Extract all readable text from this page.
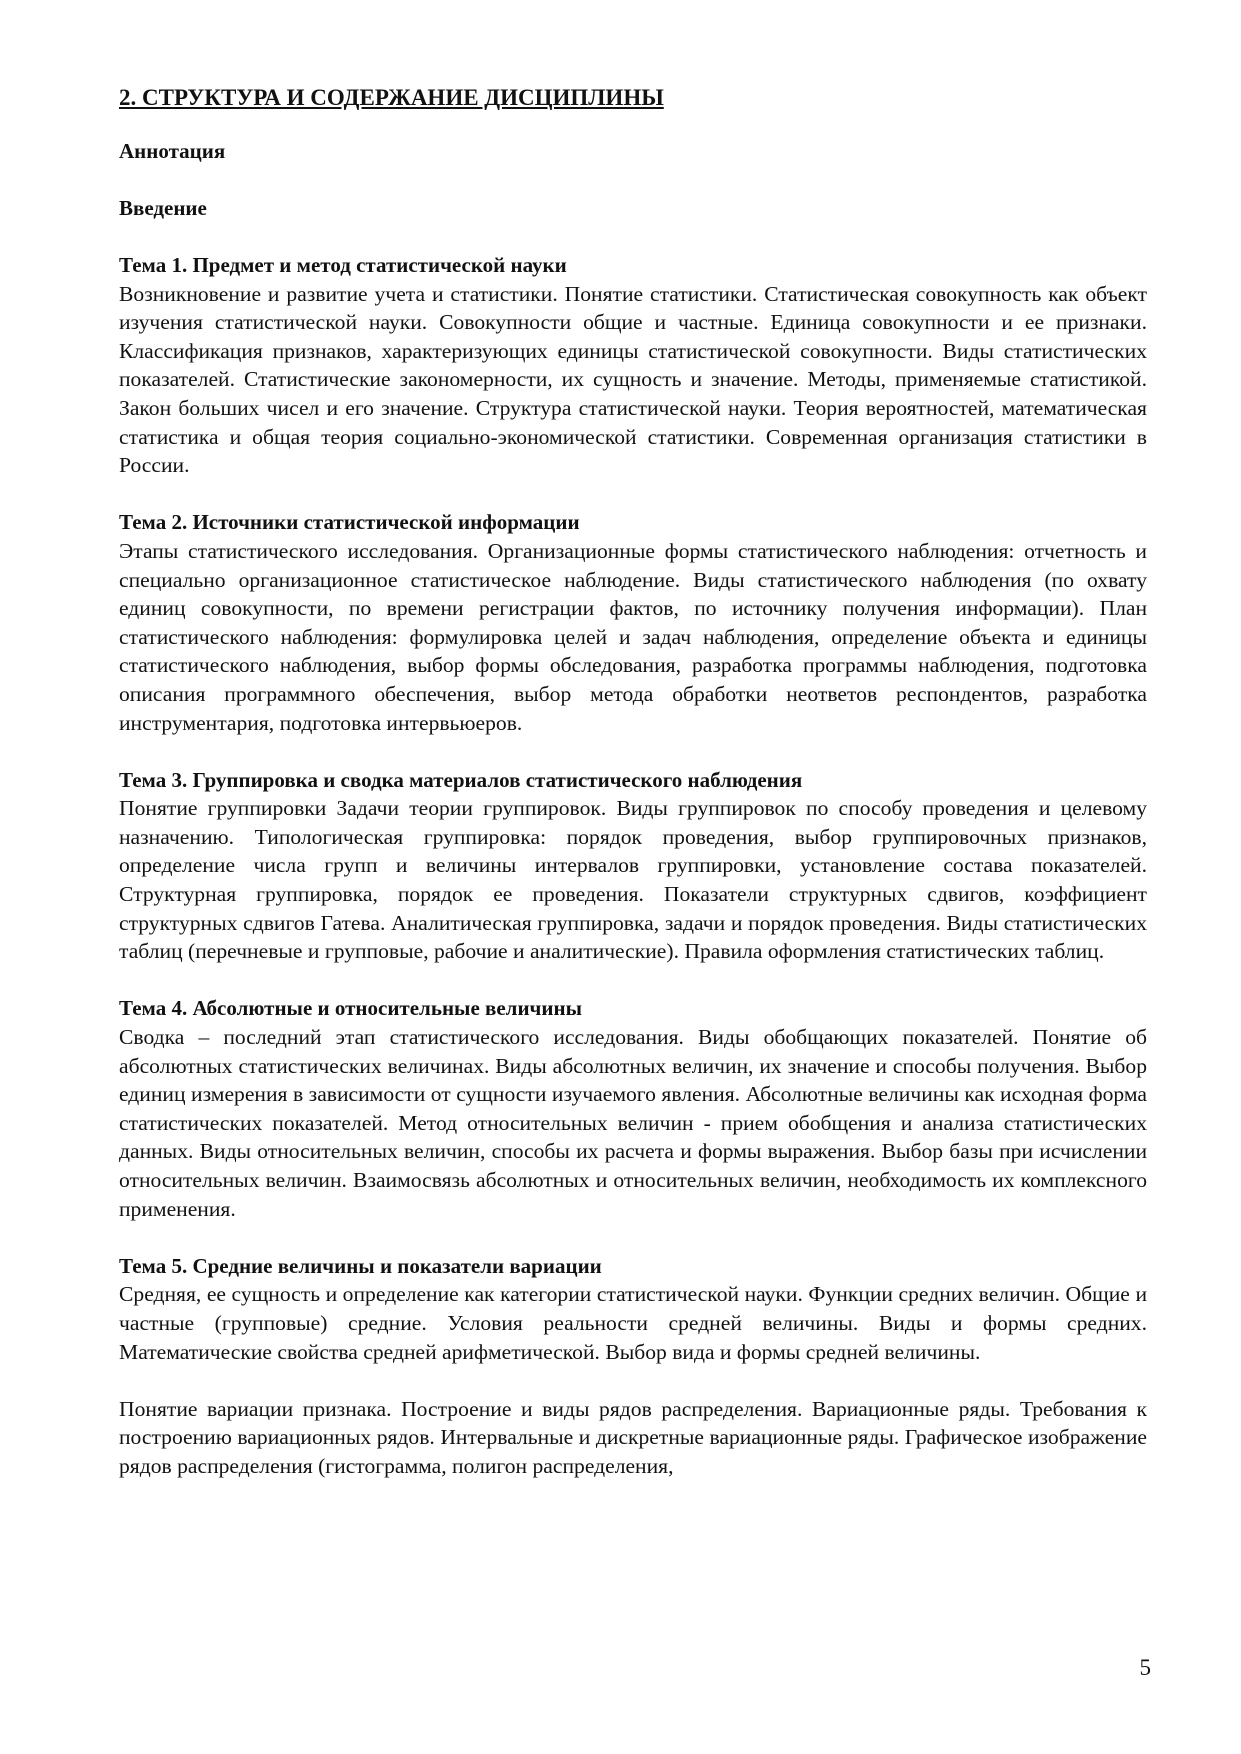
2. СТРУКТУРА И СОДЕРЖАНИЕ ДИСЦИПЛИНЫ
Аннотация
Введение
Тема 1. Предмет и метод статистической науки

Возникновение и развитие учета и статистики. Понятие статистики. Статистическая совокупность как объект изучения статистической науки. Совокупности общие и частные. Единица совокупности и ее признаки. Классификация признаков, характеризующих единицы статистической совокупности. Виды статистических показателей. Статистические закономерности, их сущность и значение. Методы, применяемые статистикой. Закон больших чисел и его значение. Структура статистической науки. Теория вероятностей, математическая статистика и общая теория социально-экономической статистики. Современная организация статистики в России.

Тема 2. Источники статистической информации

Этапы статистического исследования. Организационные формы статистического наблюдения: отчетность и специально организационное статистическое наблюдение. Виды статистического наблюдения (по охвату единиц совокупности, по времени регистрации фактов, по источнику получения информации). План статистического наблюдения: формулировка целей и задач наблюдения, определение объекта и единицы статистического наблюдения, выбор формы обследования, разработка программы наблюдения, подготовка описания программного обеспечения, выбор метода обработки неответов респондентов, разработка инструментария, подготовка интервьюеров.

Тема 3. Группировка и сводка материалов статистического наблюдения

Понятие группировки Задачи теории группировок. Виды группировок по способу проведения и целевому назначению. Типологическая группировка: порядок проведения, выбор группировочных признаков, определение числа групп и величины интервалов группировки, установление состава показателей. Структурная группировка, порядок ее проведения. Показатели структурных сдвигов, коэффициент структурных сдвигов Гатева. Аналитическая группировка, задачи и порядок проведения. Виды статистических таблиц (перечневые и групповые, рабочие и аналитические). Правила оформления статистических таблиц.

Тема 4. Абсолютные и относительные величины

Сводка – последний этап статистического исследования. Виды обобщающих показателей. Понятие об абсолютных статистических величинах. Виды абсолютных величин, их значение и способы получения. Выбор единиц измерения в зависимости от сущности изучаемого явления. Абсолютные величины как исходная форма статистических показателей. Метод относительных величин - прием обобщения и анализа статистических данных. Виды относительных величин, способы их расчета и формы выражения. Выбор базы при исчислении относительных величин. Взаимосвязь абсолютных и относительных величин, необходимость их комплексного применения.

Тема 5. Средние величины и показатели вариации

Средняя, ее сущность и определение как категории статистической науки. Функции средних величин. Общие и частные (групповые) средние. Условия реальности средней величины. Виды и формы средних. Математические свойства средней арифметической. Выбор вида и формы средней величины.

Понятие вариации признака. Построение и виды рядов распределения. Вариационные ряды. Требования к построению вариационных рядов. Интервальные и дискретные вариационные ряды. Графическое изображение рядов распределения (гистограмма, полигон распределения,

5
